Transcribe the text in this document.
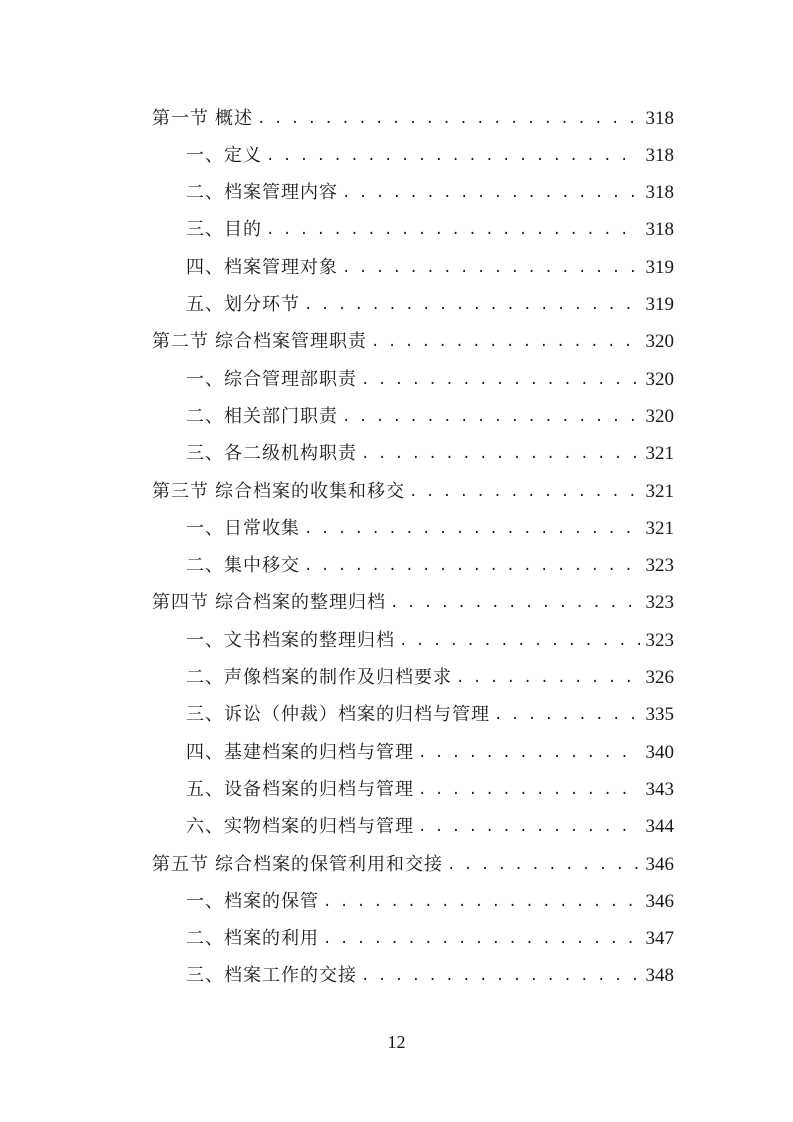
第一节 概述 . . .	318
一、定义 . . .	318
二、档案管理内容 . . .	318
三、目的 . . .	318
四、档案管理对象 . . .	319
五、划分环节 . . .	319
第二节 综合档案管理职责 . . .	320
一、综合管理部职责 . . .	320
二、相关部门职责 . . .	320
三、各二级机构职责 . . .	321
第三节 综合档案的收集和移交 . . .	321
一、日常收集 . . .	321
二、集中移交 . . .	323
第四节 综合档案的整理归档 . . .	323
一、文书档案的整理归档 . . .	323
二、声像档案的制作及归档要求 . . .	326
三、诉讼（仲裁）档案的归档与管理 . . .	335
四、基建档案的归档与管理 . . .	340
五、设备档案的归档与管理 . . .	343
六、实物档案的归档与管理 . . .	344
第五节 综合档案的保管利用和交接 . . .	346
一、档案的保管 . . .	346
二、档案的利用 . . .	347
三、档案工作的交接 . . .	348
12
